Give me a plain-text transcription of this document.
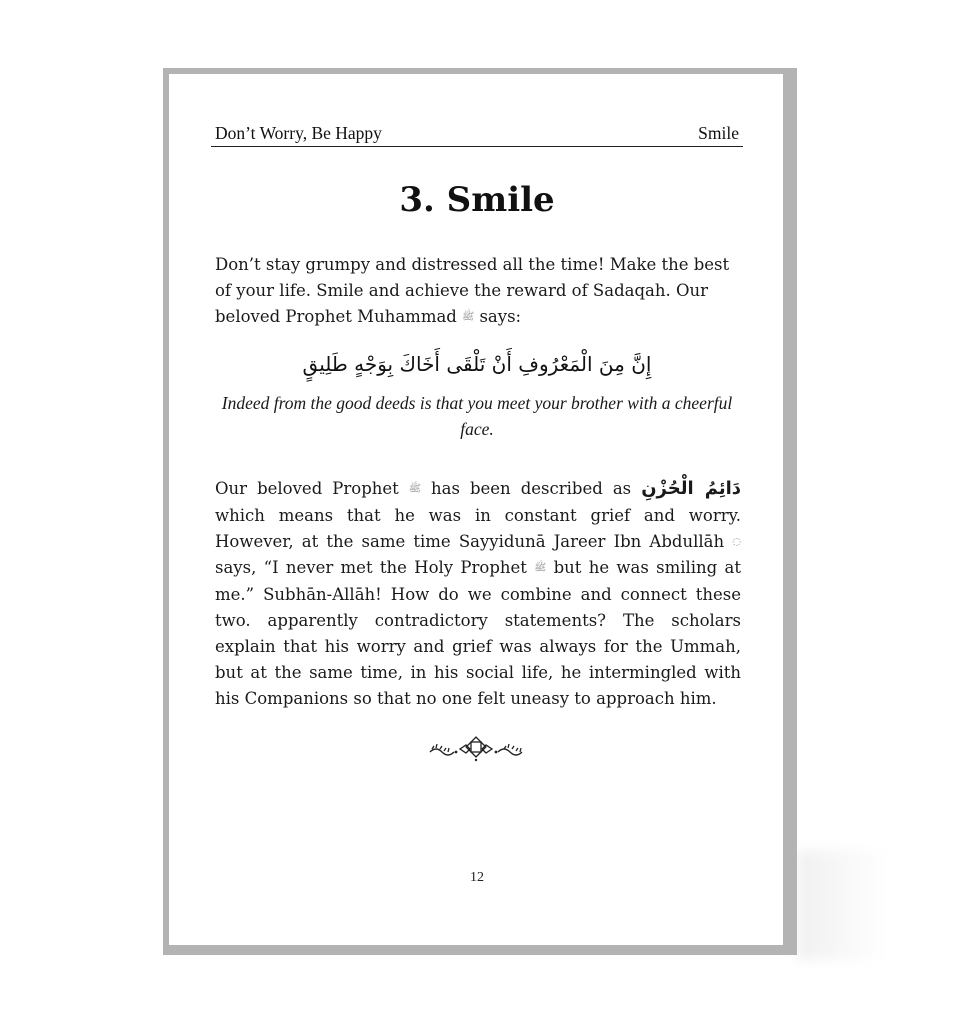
Don’t Worry, Be Happy	Smile
3. Smile
Don’t stay grumpy and distressed all the time! Make the best of your life. Smile and achieve the reward of Sadaqah. Our beloved Prophet Muhammad ﷺ says:
إِنَّ مِنَ الْمَعْرُوفِ أَنْ تَلْقَى أَخَاكَ بِوَجْهٍ طَلِيقٍ
Indeed from the good deeds is that you meet your brother with a cheerful face.
Our beloved Prophet ﷺ has been described as دَائِمُ الْحُزْنِ which means that he was in constant grief and worry. However, at the same time Sayyidunā Jareer Ibn Abdullāh ◌ says, “I never met the Holy Prophet ﷺ but he was smiling at me.” Subhān-Allāh! How do we combine and connect these two. apparently contradictory statements? The scholars explain that his worry and grief was always for the Ummah, but at the same time, in his social life, he intermingled with his Companions so that no one felt uneasy to approach him.
12
